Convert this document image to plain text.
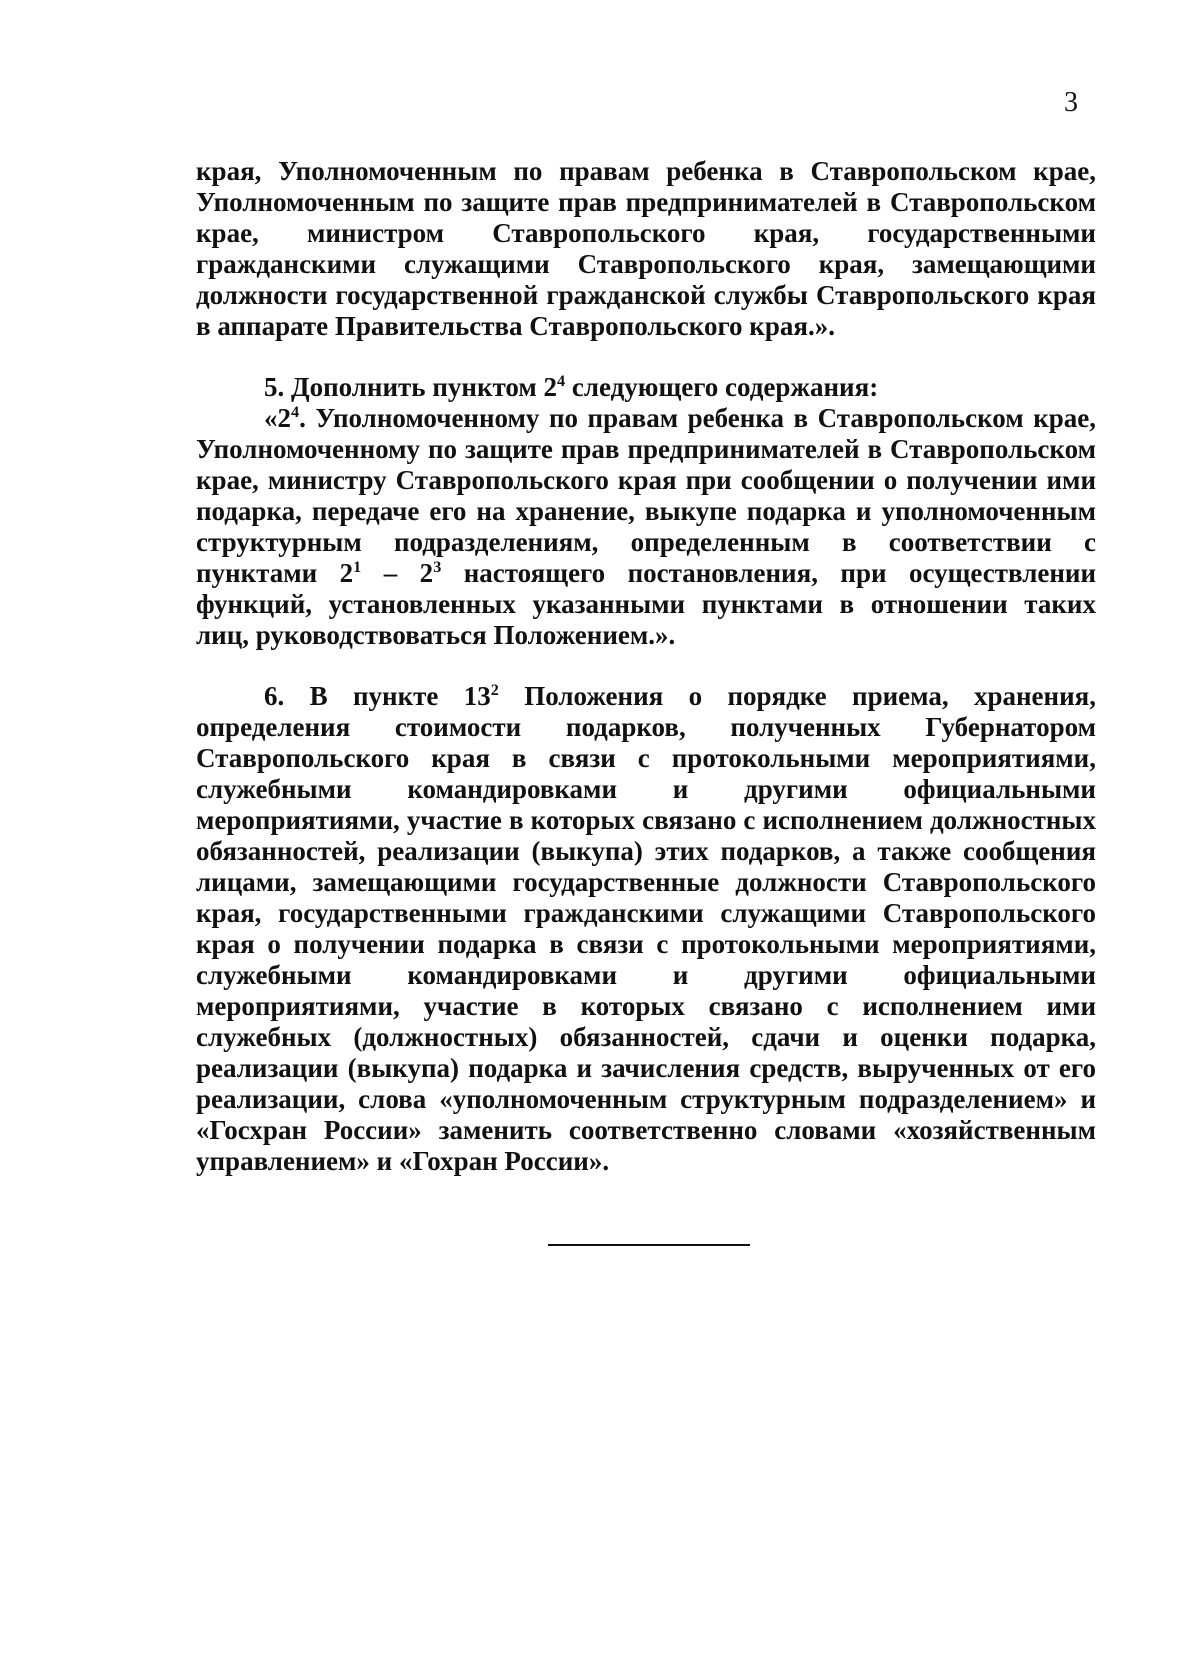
3

края, Уполномоченным по правам ребенка в Ставропольском крае, Уполномоченным по защите прав предпринимателей в Ставропольском крае, министром Ставропольского края, государственными гражданскими служащими Ставропольского края, замещающими должности государственной гражданской службы Ставропольского края в аппарате Правительства Ставропольского края.».

5. Дополнить пунктом $2^4$ следующего содержания:

«$2^4$. Уполномоченному по правам ребенка в Ставропольском крае, Уполномоченному по защите прав предпринимателей в Ставропольском крае, министру Ставропольского края при сообщении о получении ими подарка, передаче его на хранение, выкупе подарка и уполномоченным структурным подразделениям, определенным в соответствии с пунктами $2^1 - 2^3$ настоящего постановления, при осуществлении функций, установленных указанными пунктами в отношении таких лиц, руководствоваться Положением.».

6. В пункте $13^2$ Положения о порядке приема, хранения, определения стоимости подарков, полученных Губернатором Ставропольского края в связи с протокольными мероприятиями, служебными командировками и другими официальными мероприятиями, участие в которых связано с исполнением должностных обязанностей, реализации (выкупа) этих подарков, а также сообщения лицами, замещающими государственные должности Ставропольского края, государственными гражданскими служащими Ставропольского края о получении подарка в связи с протокольными мероприятиями, служебными командировками и другими официальными мероприятиями, участие в которых связано с исполнением ими служебных (должностных) обязанностей, сдачи и оценки подарка, реализации (выкупа) подарка и зачисления средств, вырученных от его реализации, слова «уполномоченным структурным подразделением» и «Госхран России» заменить соответственно словами «хозяйственным управлением» и «Гохран России».
